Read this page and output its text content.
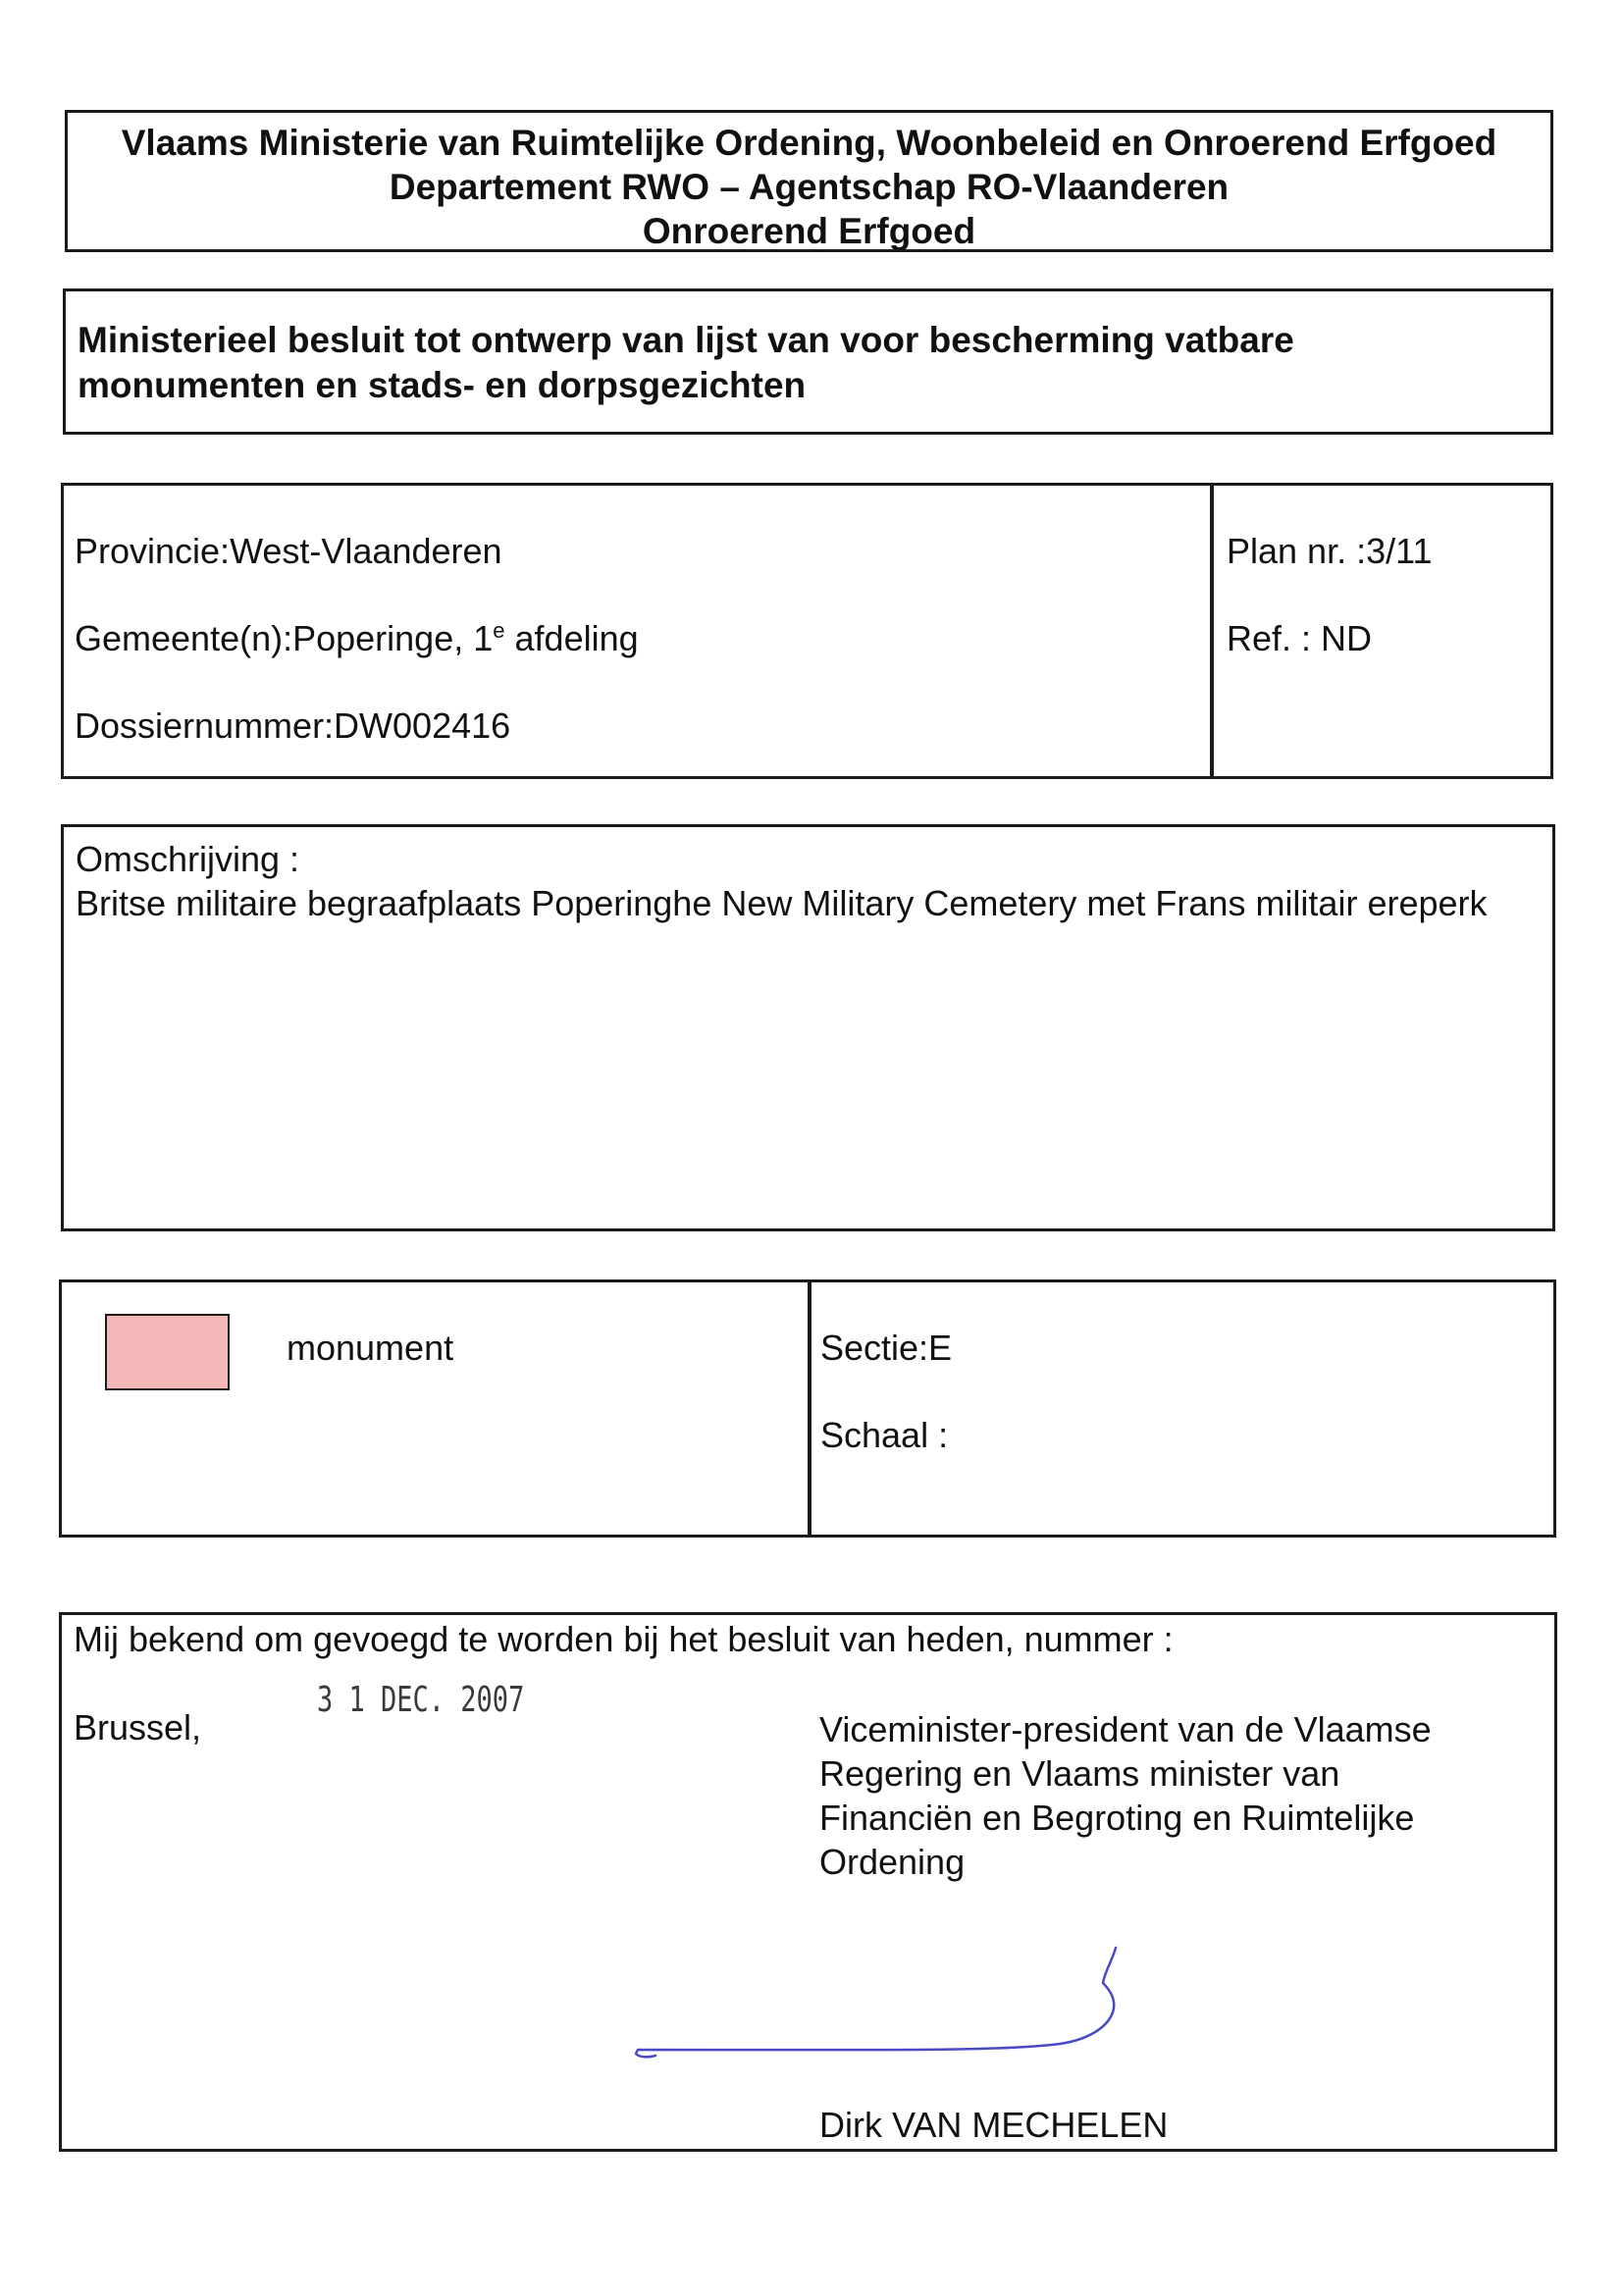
Vlaams Ministerie van Ruimtelijke Ordening, Woonbeleid en Onroerend Erfgoed
Departement RWO – Agentschap RO-Vlaanderen
Onroerend Erfgoed
Ministerieel besluit tot ontwerp van lijst van voor bescherming vatbare
monumenten en stads- en dorpsgezichten
Provincie:West-Vlaanderen
Gemeente(n):Poperinge, 1e afdeling
Dossiernummer:DW002416
Plan nr. :3/11
Ref. : ND
Omschrijving :
Britse militaire begraafplaats Poperinghe New Military Cemetery met Frans militair ereperk
monument	Sectie:E
Schaal :
Mij bekend om gevoegd te worden bij het besluit van heden, nummer :
Brussel,	Viceminister-president van de Vlaamse
Regering en Vlaams minister van
Financiën en Begroting en Ruimtelijke
Ordening
Dirk VAN MECHELEN
3 1 DEC. 2007
